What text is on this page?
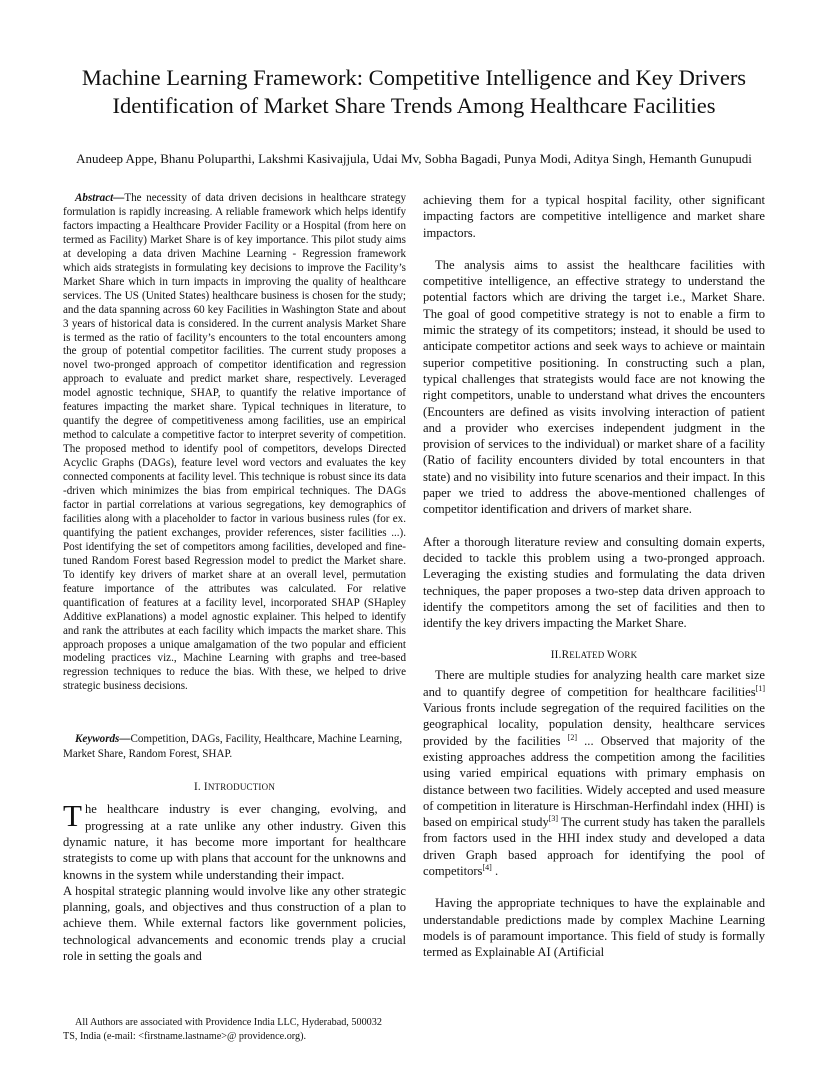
Machine Learning Framework: Competitive Intelligence and Key Drivers Identification of Market Share Trends Among Healthcare Facilities
Anudeep Appe, Bhanu Poluparthi, Lakshmi Kasivajjula, Udai Mv, Sobha Bagadi, Punya Modi, Aditya Singh, Hemanth Gunupudi

Abstract—The necessity of data driven decisions in healthcare strategy formulation is rapidly increasing. A reliable framework which helps identify factors impacting a Healthcare Provider Facility or a Hospital (from here on termed as Facility) Market Share is of key importance. This pilot study aims at developing a data driven Machine Learning - Regression framework which aids strategists in formulating key decisions to improve the Facility’s Market Share which in turn impacts in improving the quality of healthcare services. The US (United States) healthcare business is chosen for the study; and the data spanning across 60 key Facilities in Washington State and about 3 years of historical data is considered. In the current analysis Market Share is termed as the ratio of facility’s encounters to the total encounters among the group of potential competitor facilities. The current study proposes a novel two-pronged approach of competitor identification and regression approach to evaluate and predict market share, respectively. Leveraged model agnostic technique, SHAP, to quantify the relative importance of features impacting the market share. Typical techniques in literature, to quantify the degree of competitiveness among facilities, use an empirical method to calculate a competitive factor to interpret severity of competition. The proposed method to identify pool of competitors, develops Directed Acyclic Graphs (DAGs), feature level word vectors and evaluates the key connected components at facility level. This technique is robust since its data -driven which minimizes the bias from empirical techniques. The DAGs factor in partial correlations at various segregations, key demographics of facilities along with a placeholder to factor in various business rules (for ex. quantifying the patient exchanges, provider references, sister facilities ...). Post identifying the set of competitors among facilities, developed and fine-tuned Random Forest based Regression model to predict the Market share. To identify key drivers of market share at an overall level, permutation feature importance of the attributes was calculated. For relative quantification of features at a facility level, incorporated SHAP (SHapley Additive exPlanations) a model agnostic explainer. This helped to identify and rank the attributes at each facility which impacts the market share. This approach proposes a unique amalgamation of the two popular and efficient modeling practices viz., Machine Learning with graphs and tree-based regression techniques to reduce the bias. With these, we helped to drive strategic business decisions.

Keywords—Competition, DAGs, Facility, Healthcare, Machine Learning, Market Share, Random Forest, SHAP.

I. INTRODUCTION

The healthcare industry is ever changing, evolving, and progressing at a rate unlike any other industry. Given this dynamic nature, it has become more important for healthcare strategists to come up with plans that account for the unknowns and knowns in the system while understanding their impact.

A hospital strategic planning would involve like any other strategic planning, goals, and objectives and thus construction of a plan to achieve them. While external factors like government policies, technological advancements and economic trends play a crucial role in setting the goals and

achieving them for a typical hospital facility, other significant impacting factors are competitive intelligence and market share impactors.

The analysis aims to assist the healthcare facilities with competitive intelligence, an effective strategy to understand the potential factors which are driving the target i.e., Market Share. The goal of good competitive strategy is not to enable a firm to mimic the strategy of its competitors; instead, it should be used to anticipate competitor actions and seek ways to achieve or maintain superior competitive positioning. In constructing such a plan, typical challenges that strategists would face are not knowing the right competitors, unable to understand what drives the encounters (Encounters are defined as visits involving interaction of patient and a provider who exercises independent judgment in the provision of services to the individual) or market share of a facility (Ratio of facility encounters divided by total encounters in that state) and no visibility into future scenarios and their impact. In this paper we tried to address the above-mentioned challenges of competitor identification and drivers of market share.

After a thorough literature review and consulting domain experts, decided to tackle this problem using a two-pronged approach. Leveraging the existing studies and formulating the data driven techniques, the paper proposes a two-step data driven approach to identify the competitors among the set of facilities and then to identify the key drivers impacting the Market Share.

II.RELATED WORK

There are multiple studies for analyzing health care market size and to quantify degree of competition for healthcare facilities[1] Various fronts include segregation of the required facilities on the geographical locality, population density, healthcare services provided by the facilities [2] ... Observed that majority of the existing approaches address the competition among the facilities using varied empirical equations with primary emphasis on distance between two facilities. Widely accepted and used measure of competition in literature is Hirschman-Herfindahl index (HHI) is based on empirical study[3] The current study has taken the parallels from factors used in the HHI index study and developed a data driven Graph based approach for identifying the pool of competitors[4] .

Having the appropriate techniques to have the explainable and understandable predictions made by complex Machine Learning models is of paramount importance. This field of study is formally termed as Explainable AI (Artificial

All Authors are associated with Providence India LLC, Hyderabad, 500032
TS, India (e-mail: <firstname.lastname>@ providence.org).
